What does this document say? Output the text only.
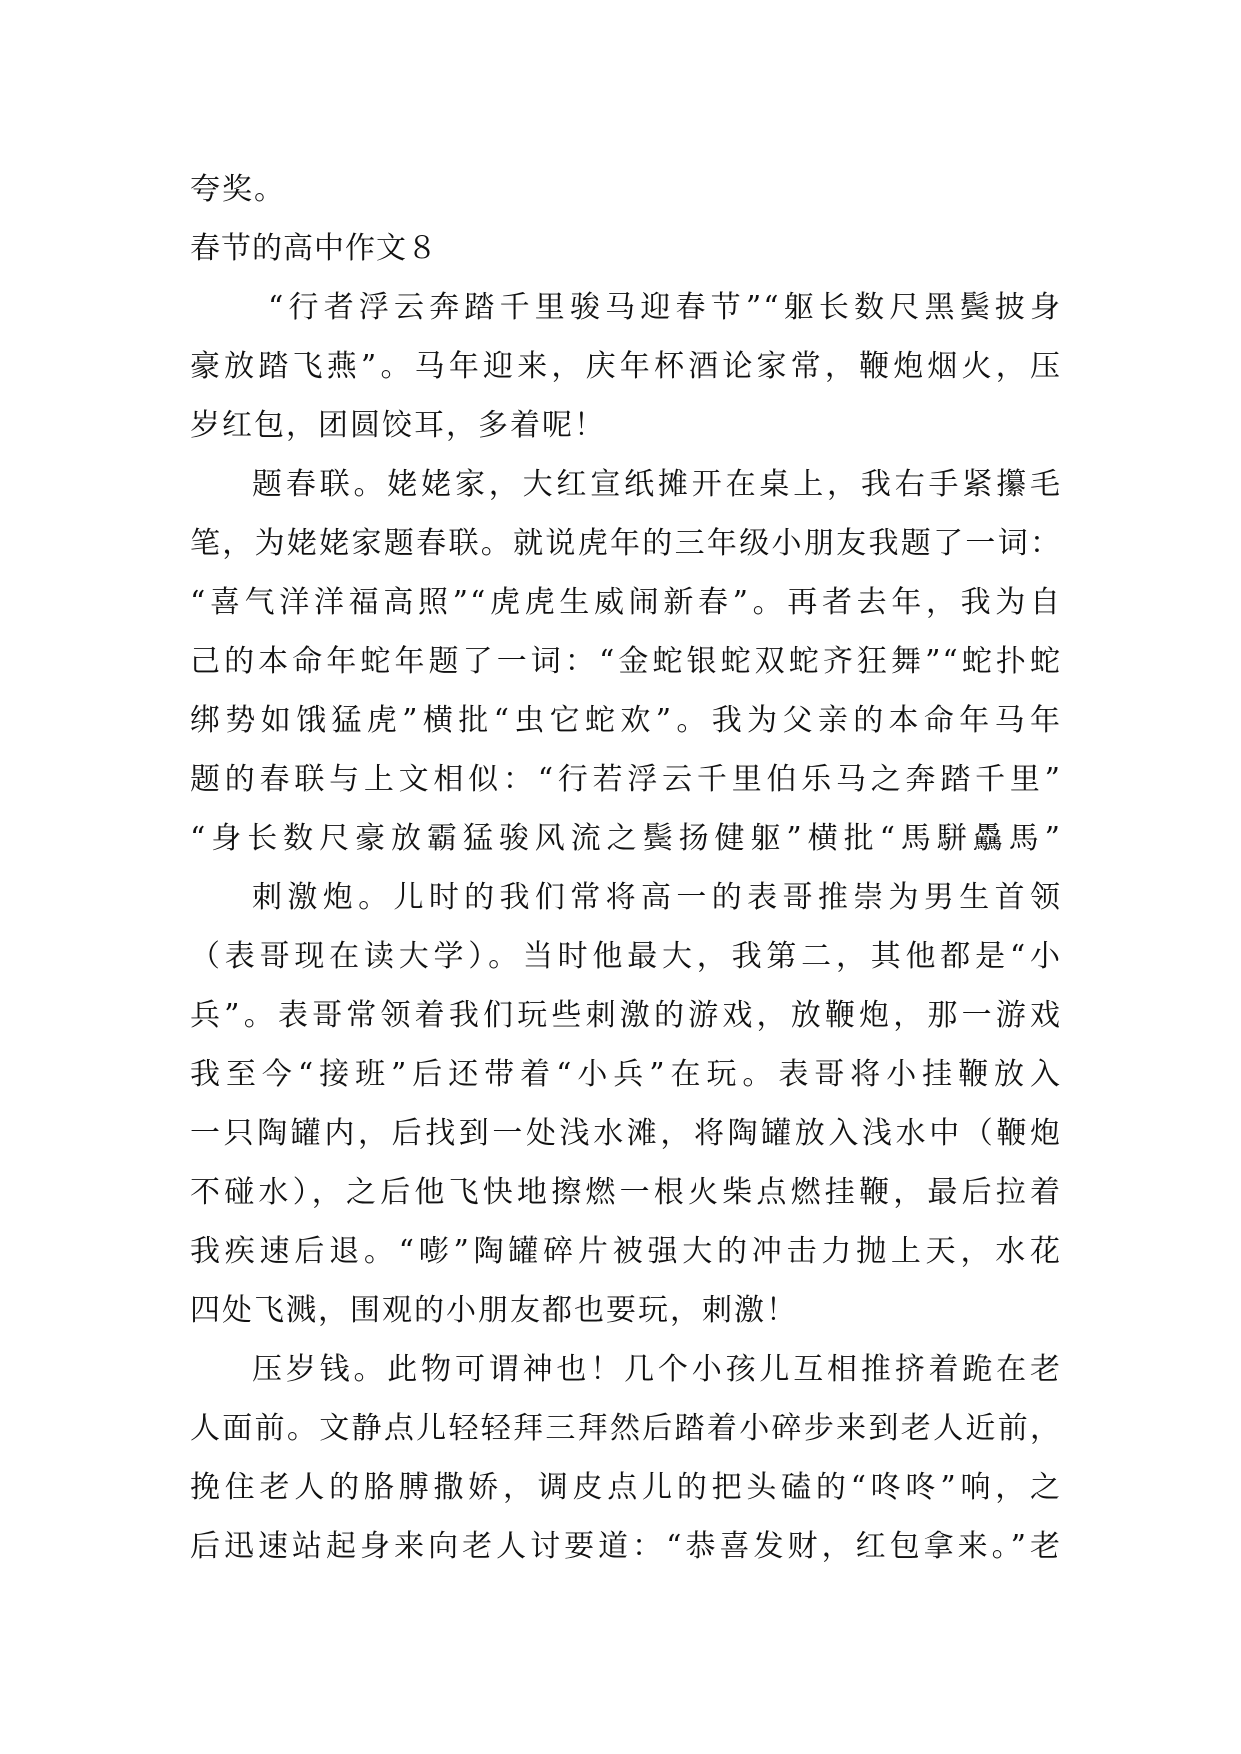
夸奖。
春节的高中作文８
“行者浮云奔踏千里骏马迎春节”“躯长数尺黑鬓披身
豪放踏飞燕”。马年迎来，庆年杯酒论家常，鞭炮烟火，压
岁红包，团圆饺耳，多着呢！
题春联。姥姥家，大红宣纸摊开在桌上，我右手紧攥毛
笔，为姥姥家题春联。就说虎年的三年级小朋友我题了一词：
“喜气洋洋福高照”“虎虎生威闹新春”。再者去年，我为自
己的本命年蛇年题了一词：“金蛇银蛇双蛇齐狂舞”“蛇扑蛇
绑势如饿猛虎”横批“虫它蛇欢”。我为父亲的本命年马年
题的春联与上文相似：“行若浮云千里伯乐马之奔踏千里”
“身长数尺豪放霸猛骏风流之鬓扬健躯”横批“馬駢驫馬”
刺激炮。儿时的我们常将高一的表哥推崇为男生首领
（表哥现在读大学）。当时他最大，我第二，其他都是“小
兵”。表哥常领着我们玩些刺激的游戏，放鞭炮，那一游戏
我至今“接班”后还带着“小兵”在玩。表哥将小挂鞭放入
一只陶罐内，后找到一处浅水滩，将陶罐放入浅水中（鞭炮
不碰水），之后他飞快地擦燃一根火柴点燃挂鞭，最后拉着
我疾速后退。“嘭”陶罐碎片被强大的冲击力抛上天，水花
四处飞溅，围观的小朋友都也要玩，刺激！
压岁钱。此物可谓神也！几个小孩儿互相推挤着跪在老
人面前。文静点儿轻轻拜三拜然后踏着小碎步来到老人近前，
挽住老人的胳膊撒娇，调皮点儿的把头磕的“咚咚”响，之
后迅速站起身来向老人讨要道：“恭喜发财，红包拿来。”老
